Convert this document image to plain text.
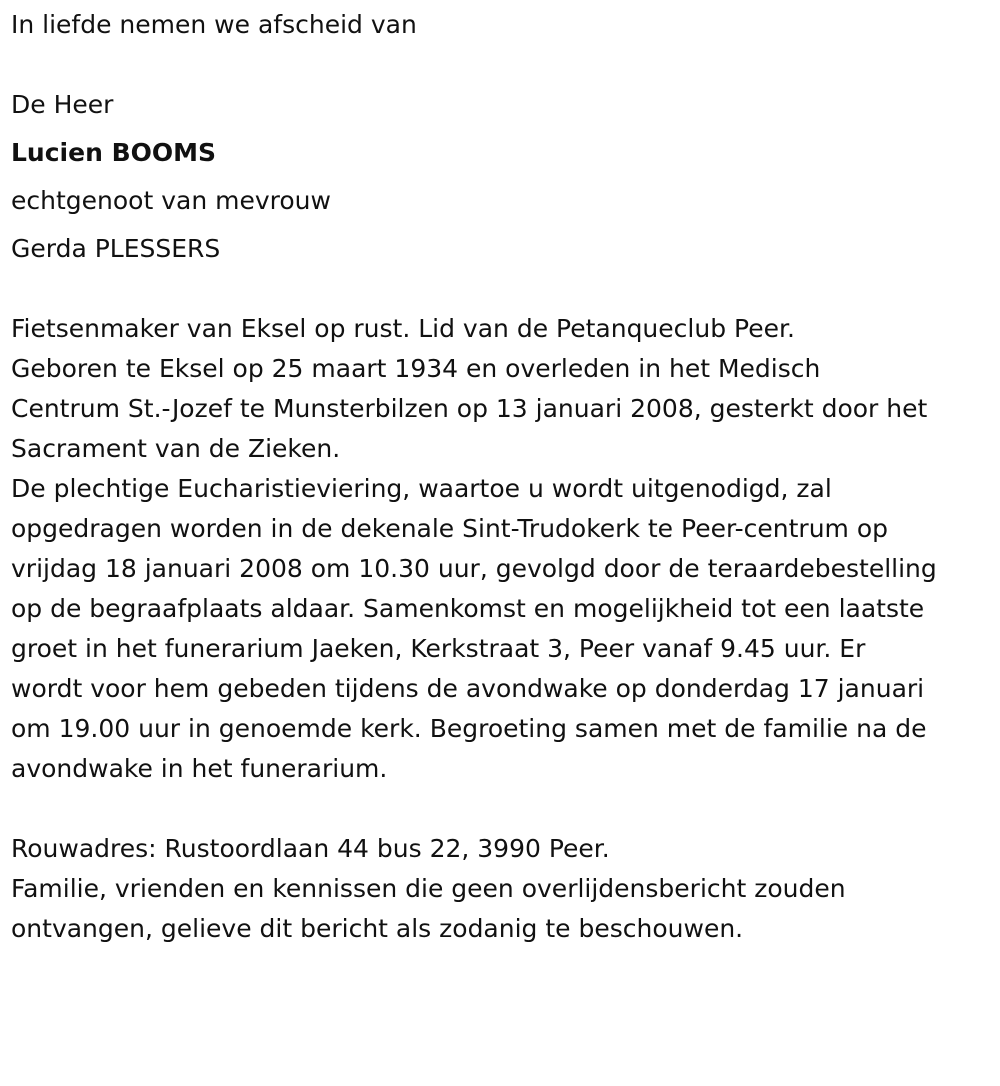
In liefde nemen we afscheid van

De Heer

Lucien BOOMS

echtgenoot van mevrouw

Gerda PLESSERS

Fietsenmaker van Eksel op rust. Lid van de Petanqueclub Peer.

Geboren te Eksel op 25 maart 1934 en overleden in het Medisch

Centrum St.-Jozef te Munsterbilzen op 13 januari 2008, gesterkt door het

Sacrament van de Zieken.

De plechtige Eucharistieviering, waartoe u wordt uitgenodigd, zal

opgedragen worden in de dekenale Sint-Trudokerk te Peer-centrum op

vrijdag 18 januari 2008 om 10.30 uur, gevolgd door de teraardebestelling

op de begraafplaats aldaar. Samenkomst en mogelijkheid tot een laatste

groet in het funerarium Jaeken, Kerkstraat 3, Peer vanaf 9.45 uur. Er

wordt voor hem gebeden tijdens de avondwake op donderdag 17 januari

om 19.00 uur in genoemde kerk. Begroeting samen met de familie na de

avondwake in het funerarium.

Rouwadres: Rustoordlaan 44 bus 22, 3990 Peer.

Familie, vrienden en kennissen die geen overlijdensbericht zouden

ontvangen, gelieve dit bericht als zodanig te beschouwen.
